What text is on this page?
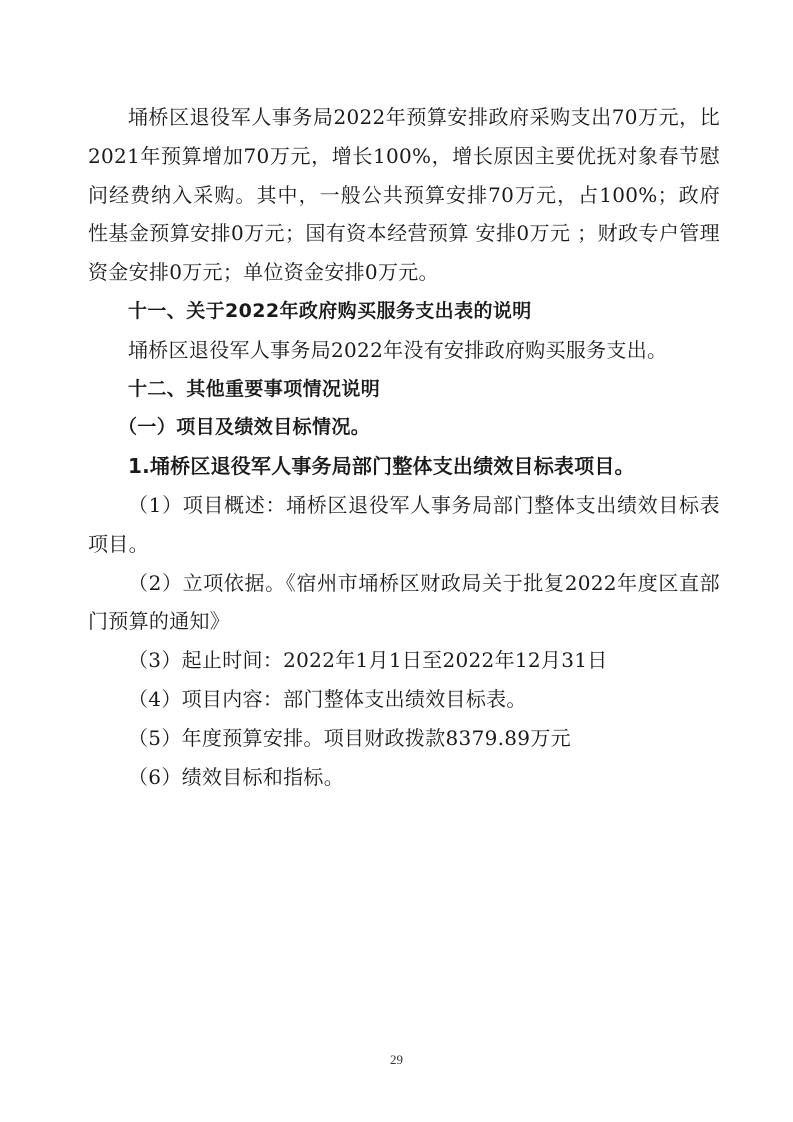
埇桥区退役军人事务局2022年预算安排政府采购支出70万元，比2021年预算增加70万元，增长100%，增长原因主要优抚对象春节慰问经费纳入采购。其中，一般公共预算安排70万元，占100%；政府性基金预算安排0万元；国有资本经营预算 安排0万元 ；财政专户管理资金安排0万元；单位资金安排0万元。

十一、关于2022年政府购买服务支出表的说明

埇桥区退役军人事务局2022年没有安排政府购买服务支出。

十二、其他重要事项情况说明

（一）项目及绩效目标情况。

1.埇桥区退役军人事务局部门整体支出绩效目标表项目。

（1）项目概述：埇桥区退役军人事务局部门整体支出绩效目标表项目。

（2）立项依据。《宿州市埇桥区财政局关于批复2022年度区直部门预算的通知》

（3）起止时间：2022年1月1日至2022年12月31日

（4）项目内容：部门整体支出绩效目标表。

（5）年度预算安排。项目财政拨款8379.89万元

（6）绩效目标和指标。

29
